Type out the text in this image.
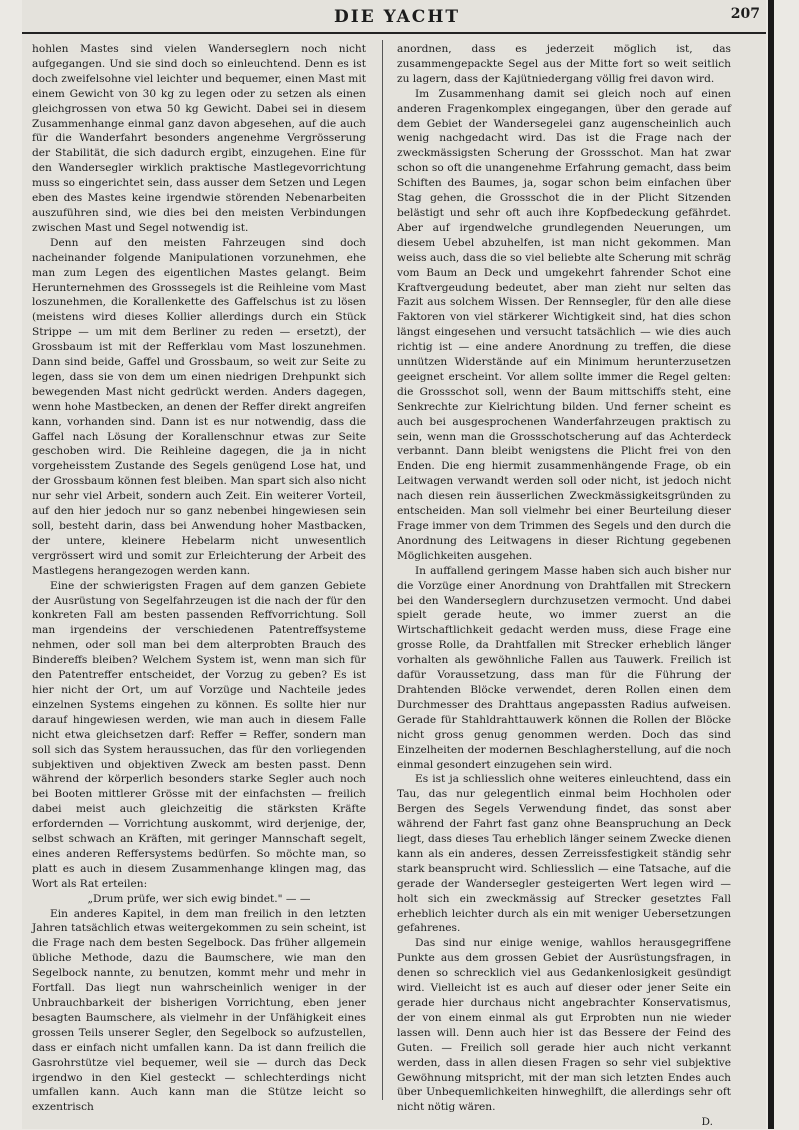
DIE YACHT	207

hohlen Mastes sind vielen Wanderseglern noch nicht aufgegangen. Und sie sind doch so einleuchtend. Denn es ist doch zweifelsohne viel leichter und bequemer, einen Mast mit einem Gewicht von 30 kg zu legen oder zu setzen als einen gleichgrossen von etwa 50 kg Gewicht. Dabei sei in diesem Zusammenhange einmal ganz davon abgesehen, auf die auch für die Wanderfahrt besonders angenehme Vergrösserung der Stabilität, die sich dadurch ergibt, einzugehen. Eine für den Wandersegler wirklich praktische Mastlegevorrichtung muss so eingerichtet sein, dass ausser dem Setzen und Legen eben des Mastes keine irgendwie störenden Nebenarbeiten auszuführen sind, wie dies bei den meisten Verbindungen zwischen Mast und Segel notwendig ist.

Denn auf den meisten Fahrzeugen sind doch nacheinander folgende Manipulationen vorzunehmen, ehe man zum Legen des eigentlichen Mastes gelangt. Beim Herunternehmen des Grosssegels ist die Reihleine vom Mast loszunehmen, die Korallenkette des Gaffelschus ist zu lösen (meistens wird dieses Kollier allerdings durch ein Stück Strippe — um mit dem Berliner zu reden — ersetzt), der Grossbaum ist mit der Refferklau vom Mast loszunehmen. Dann sind beide, Gaffel und Grossbaum, so weit zur Seite zu legen, dass sie von dem um einen niedrigen Drehpunkt sich bewegenden Mast nicht gedrückt werden. Anders dagegen, wenn hohe Mastbecken, an denen der Reffer direkt angreifen kann, vorhanden sind. Dann ist es nur notwendig, dass die Gaffel nach Lösung der Korallenschnur etwas zur Seite geschoben wird. Die Reihleine dagegen, die ja in nicht vorgeheisstem Zustande des Segels genügend Lose hat, und der Grossbaum können fest bleiben. Man spart sich also nicht nur sehr viel Arbeit, sondern auch Zeit. Ein weiterer Vorteil, auf den hier jedoch nur so ganz nebenbei hingewiesen sein soll, besteht darin, dass bei Anwendung hoher Mastbacken, der untere, kleinere Hebelarm nicht unwesentlich vergrössert wird und somit zur Erleichterung der Arbeit des Mastlegens herangezogen werden kann.

Eine der schwierigsten Fragen auf dem ganzen Gebiete der Ausrüstung von Segelfahrzeugen ist die nach der für den konkreten Fall am besten passenden Reffvorrichtung. Soll man irgendeins der verschiedenen Patentreffsysteme nehmen, oder soll man bei dem alterprobten Brauch des Bindereffs bleiben? Welchem System ist, wenn man sich für den Patentreffer entscheidet, der Vorzug zu geben? Es ist hier nicht der Ort, um auf Vorzüge und Nachteile jedes einzelnen Systems eingehen zu können. Es sollte hier nur darauf hingewiesen werden, wie man auch in diesem Falle nicht etwa gleichsetzen darf: Reffer = Reffer, sondern man soll sich das System heraussuchen, das für den vorliegenden subjektiven und objektiven Zweck am besten passt. Denn während der körperlich besonders starke Segler auch noch bei Booten mittlerer Grösse mit der einfachsten — freilich dabei meist auch gleichzeitig die stärksten Kräfte erfordernden — Vorrichtung auskommt, wird derjenige, der, selbst schwach an Kräften, mit geringer Mannschaft segelt, eines anderen Reffersystems bedürfen. So möchte man, so platt es auch in diesem Zusammenhange klingen mag, das Wort als Rat erteilen:

„Drum prüfe, wer sich ewig bindet." — —

Ein anderes Kapitel, in dem man freilich in den letzten Jahren tatsächlich etwas weitergekommen zu sein scheint, ist die Frage nach dem besten Segelbock. Das früher allgemein übliche Methode, dazu die Baumschere, wie man den Segelbock nannte, zu benutzen, kommt mehr und mehr in Fortfall. Das liegt nun wahrscheinlich weniger in der Unbrauchbarkeit der bisherigen Vorrichtung, eben jener besagten Baumschere, als vielmehr in der Unfähigkeit eines grossen Teils unserer Segler, den Segelbock so aufzustellen, dass er einfach nicht umfallen kann. Da ist dann freilich die Gasrohrstütze viel bequemer, weil sie — durch das Deck irgendwo in den Kiel gesteckt — schlechterdings nicht umfallen kann. Auch kann man die Stütze leicht so exzentrisch

anordnen, dass es jederzeit möglich ist, das zusammengepackte Segel aus der Mitte fort so weit seitlich zu lagern, dass der Kajütniedergang völlig frei davon wird.

Im Zusammenhang damit sei gleich noch auf einen anderen Fragenkomplex eingegangen, über den gerade auf dem Gebiet der Wandersegelei ganz augenscheinlich auch wenig nachgedacht wird. Das ist die Frage nach der zweckmässigsten Scherung der Grossschot. Man hat zwar schon so oft die unangenehme Erfahrung gemacht, dass beim Schiften des Baumes, ja, sogar schon beim einfachen über Stag gehen, die Grossschot die in der Plicht Sitzenden belästigt und sehr oft auch ihre Kopfbedeckung gefährdet. Aber auf irgendwelche grundlegenden Neuerungen, um diesem Uebel abzuhelfen, ist man nicht gekommen. Man weiss auch, dass die so viel beliebte alte Scherung mit schräg vom Baum an Deck und umgekehrt fahrender Schot eine Kraftvergeudung bedeutet, aber man zieht nur selten das Fazit aus solchem Wissen. Der Rennsegler, für den alle diese Faktoren von viel stärkerer Wichtigkeit sind, hat dies schon längst eingesehen und versucht tatsächlich — wie dies auch richtig ist — eine andere Anordnung zu treffen, die diese unnützen Widerstände auf ein Minimum herunterzusetzen geeignet erscheint. Vor allem sollte immer die Regel gelten: die Grossschot soll, wenn der Baum mittschiffs steht, eine Senkrechte zur Kielrichtung bilden. Und ferner scheint es auch bei ausgesprochenen Wanderfahrzeugen praktisch zu sein, wenn man die Grossschotscherung auf das Achterdeck verbannt. Dann bleibt wenigstens die Plicht frei von den Enden. Die eng hiermit zusammenhängende Frage, ob ein Leitwagen verwandt werden soll oder nicht, ist jedoch nicht nach diesen rein äusserlichen Zweckmässigkeitsgründen zu entscheiden. Man soll vielmehr bei einer Beurteilung dieser Frage immer von dem Trimmen des Segels und den durch die Anordnung des Leitwagens in dieser Richtung gegebenen Möglichkeiten ausgehen.

In auffallend geringem Masse haben sich auch bisher nur die Vorzüge einer Anordnung von Drahtfallen mit Streckern bei den Wanderseglern durchzusetzen vermocht. Und dabei spielt gerade heute, wo immer zuerst an die Wirtschaftlichkeit gedacht werden muss, diese Frage eine grosse Rolle, da Drahtfallen mit Strecker erheblich länger vorhalten als gewöhnliche Fallen aus Tauwerk. Freilich ist dafür Voraussetzung, dass man für die Führung der Drahtenden Blöcke verwendet, deren Rollen einen dem Durchmesser des Drahttaus angepassten Radius aufweisen. Gerade für Stahldrahttauwerk können die Rollen der Blöcke nicht gross genug genommen werden. Doch das sind Einzelheiten der modernen Beschlagherstellung, auf die noch einmal gesondert einzugehen sein wird.

Es ist ja schliesslich ohne weiteres einleuchtend, dass ein Tau, das nur gelegentlich einmal beim Hochholen oder Bergen des Segels Verwendung findet, das sonst aber während der Fahrt fast ganz ohne Beanspruchung an Deck liegt, dass dieses Tau erheblich länger seinem Zwecke dienen kann als ein anderes, dessen Zerreissfestigkeit ständig sehr stark beansprucht wird. Schliesslich — eine Tatsache, auf die gerade der Wandersegler gesteigerten Wert legen wird — holt sich ein zweckmässig auf Strecker gesetztes Fall erheblich leichter durch als ein mit weniger Uebersetzungen gefahrenes.

Das sind nur einige wenige, wahllos herausgegriffene Punkte aus dem grossen Gebiet der Ausrüstungsfragen, in denen so schrecklich viel aus Gedankenlosigkeit gesündigt wird. Vielleicht ist es auch auf dieser oder jener Seite ein gerade hier durchaus nicht angebrachter Konservatismus, der von einem einmal als gut Erprobten nun nie wieder lassen will. Denn auch hier ist das Bessere der Feind des Guten. — Freilich soll gerade hier auch nicht verkannt werden, dass in allen diesen Fragen so sehr viel subjektive Gewöhnung mitspricht, mit der man sich letzten Endes auch über Unbequemlichkeiten hinweghilft, die allerdings sehr oft nicht nötig wären.

D.
